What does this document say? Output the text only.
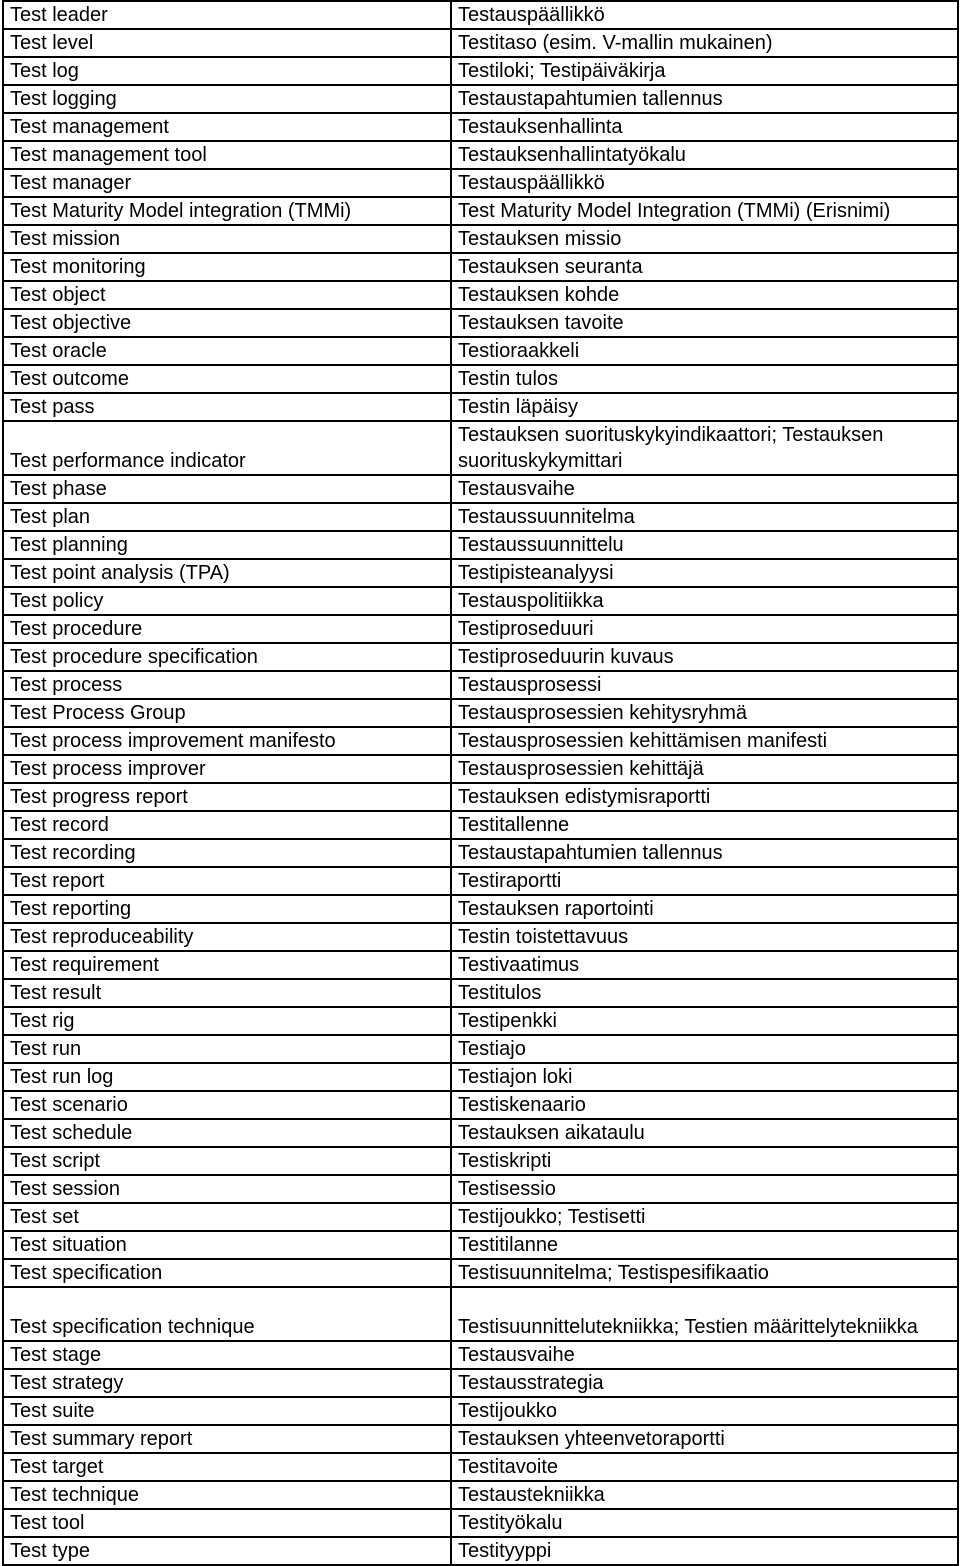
Test leader	Testauspäällikkö
Test level	Testitaso (esim. V-mallin mukainen)
Test log	Testiloki; Testipäiväkirja
Test logging	Testaustapahtumien tallennus
Test management	Testauksenhallinta
Test management tool	Testauksenhallintatyökalu
Test manager	Testauspäällikkö
Test Maturity Model integration (TMMi)	Test Maturity Model Integration (TMMi) (Erisnimi)
Test mission	Testauksen missio
Test monitoring	Testauksen seuranta
Test object	Testauksen kohde
Test objective	Testauksen tavoite
Test oracle	Testioraakkeli
Test outcome	Testin tulos
Test pass	Testin läpäisy
Test performance indicator	Testauksen suorituskykyindikaattori; Testauksen suorituskykymittari
Test phase	Testausvaihe
Test plan	Testaussuunnitelma
Test planning	Testaussuunnittelu
Test point analysis (TPA)	Testipisteanalyysi
Test policy	Testauspolitiikka
Test procedure	Testiproseduuri
Test procedure specification	Testiproseduurin kuvaus
Test process	Testausprosessi
Test Process Group	Testausprosessien kehitysryhmä
Test process improvement manifesto	Testausprosessien kehittämisen manifesti
Test process improver	Testausprosessien kehittäjä
Test progress report	Testauksen edistymisraportti
Test record	Testitallenne
Test recording	Testaustapahtumien tallennus
Test report	Testiraportti
Test reporting	Testauksen raportointi
Test reproduceability	Testin toistettavuus
Test requirement	Testivaatimus
Test result	Testitulos
Test rig	Testipenkki
Test run	Testiajo
Test run log	Testiajon loki
Test scenario	Testiskenaario
Test schedule	Testauksen aikataulu
Test script	Testiskripti
Test session	Testisessio
Test set	Testijoukko; Testisetti
Test situation	Testitilanne
Test specification	Testisuunnitelma; Testispesifikaatio
Test specification technique	Testisuunnittelutekniikka; Testien määrittelytekniikka
Test stage	Testausvaihe
Test strategy	Testausstrategia
Test suite	Testijoukko
Test summary report	Testauksen yhteenvetoraportti
Test target	Testitavoite
Test technique	Testaustekniikka
Test tool	Testityökalu
Test type	Testityyppi
